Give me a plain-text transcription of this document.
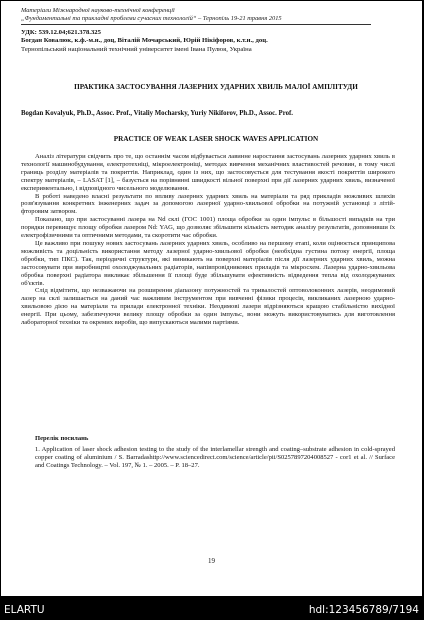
Матеріали Міжнародної науково-технічної конференції
„Фундаментальні та прикладні проблеми сучасних технологій“ – Тернопіль 19-21 травня 2015
УДК: 539.12.04;621.378.325
Богдан Ковалюк, к.ф.-м.н., доц, Віталій Мочарський, Юрій Нікіфоров, к.т.н., доц.
Тернопільський національний технічний університет імені Івана Пулюя, Україна
ПРАКТИКА ЗАСТОСУВАННЯ ЛАЗЕРНИХ УДАРНИХ ХВИЛЬ МАЛОЇ АМПЛІТУДИ
Bogdan Kovalyuk, Ph.D., Assoc. Prof., Vitaliy Mocharsky, Yuriy Nikiforov, Ph.D., Assoc. Prof.
PRACTICE OF WEAK LASER SHOCK WAVES APPLICATION

Аналіз літератури свідчить про те, що останнім часом відбувається лавинне наростання застосувань лазерних ударних хвиль в технології машинобудування, електротехніці, мікроелектроніці, методах вивчення механічних властивостей речовин, в тому числі границь розділу матеріалів та покриттів. Наприклад, один із них, що застосовується для тестування якості покриттів широкого спектру матеріалів, – LASAT [1], – базується на порівнянні швидкості вільної поверхні при дії лазерних ударних хвиль, визначеної експериментально, і відповідного чисельного моделювання.

В роботі наведено власні результати по впливу лазерних ударних хвиль на матеріали та ряд прикладів можливих шляхів розв'язування конкретних інженерних задач за допомогою лазерної ударно-хвильової обробки на потужній установці з літій-фторовим затвором.

Показано, що при застосуванні лазера на Nd склі (ГОС 1001) площа обробки за один імпульс в більшості випадків на три порядки перевищує площу обробки лазером Nd: YAG, що дозволяє збільшити кількість методик аналізу результатів, доповнивши їх електрофізичними та оптичними методами, та скоротити час обробки.

Це важливо при пошуку нових застосувань лазерних ударних хвиль, особливо на першому етапі, коли оцінюється принципова можливість та доцільність використання методу лазерної ударно-хвильової обробки (необхідна густина потоку енергії, площа обробки, тип ПКС). Так, періодичні структури, які виникають на поверхні матеріалів після дії лазерних ударних хвиль, можна застосовувати при виробництві охолоджувальних радіаторів, напівпровідникових приладів та мікросхем. Лазерна ударно-хвильова обробка поверхні радіатора викликає збільшення її площі буде збільшувати ефективність відведення тепла від охолоджуваних об'єктів.

Слід відмітити, що незважаючи на розширення діапазону потужностей та тривалостей оптоволоконних лазерів, неодимовий лазер на склі залишається на даний час важливим інструментом при вивченні фізики процесів, викликаних лазерною ударно-хвильовою дією на матеріали та прилади електронної техніки. Неодимові лазери відрізняються кращою стабільністю вихідної енергії. При цьому, забезпечуючи велику площу обробки за один імпульс, вони можуть використовуватись для виготовлення лабораторної техніки та окремих виробів, що випускаються малими партіями.

Перелік посилань
1. Application of laser shock adhesion testing to the study of the interlamellar strength and coating–substrate adhesion in cold-sprayed copper coating of aluminium / S. Barradashttp://www.sciencedirect.com/science/article/pii/S0257897204008527 - cor1 et al. // Surface and Coatings Technology. – Vol. 197, № 1. – 2005. – P. 18–27.
19
ELARTU	hdl:123456789/7194
